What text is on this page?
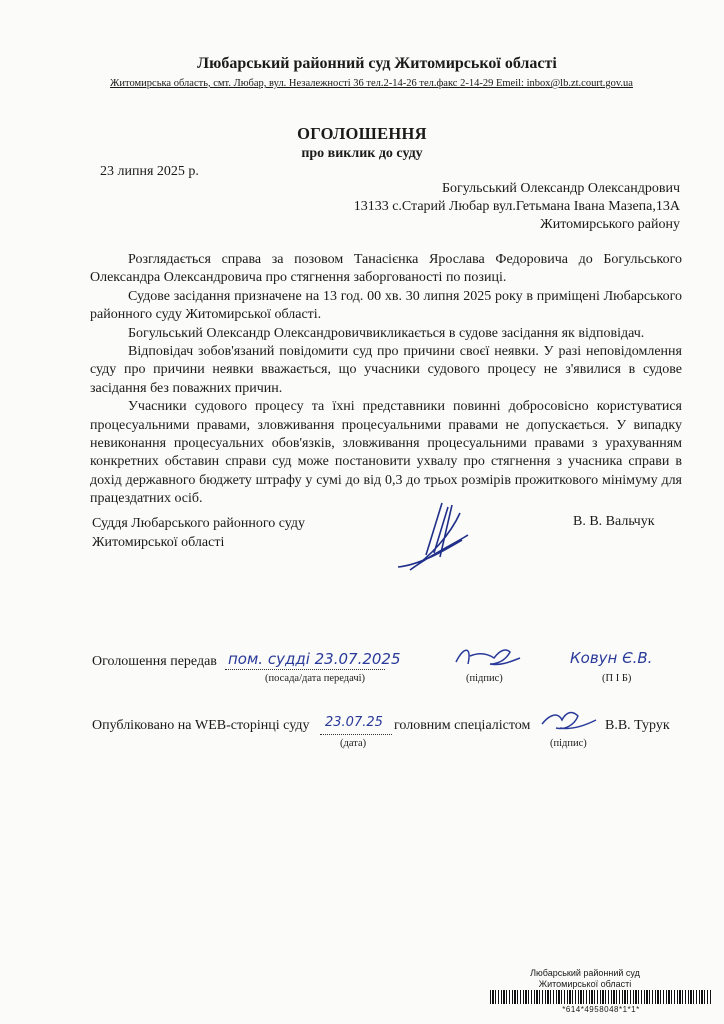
Любарський районний суд Житомирської області
Житомирська область, смт. Любар, вул. Незалежності 36 тел.2-14-26 тел.факс 2-14-29 Emeil: inbox@lb.zt.court.gov.ua
ОГОЛОШЕННЯ
про виклик до суду
23 липня 2025 р.
Богульський Олександр Олександрович
13133 с.Старий Любар вул.Гетьмана Івана Мазепа,13А
Житомирського району

Розглядається справа за позовом Танасієнка Ярослава Федоровича до Богульського Олександра Олександровича про стягнення заборгованості по позиці.

Судове засідання призначене на 13 год. 00 хв. 30 липня 2025 року в приміщені Любарського районного суду Житомирської області.

Богульський Олександр Олександровичвикликається в судове засідання як відповідач.

Відповідач зобов'язаний повідомити суд про причини своєї неявки. У разі неповідомлення суду про причини неявки вважається, що учасники судового процесу не з'явилися в судове засідання без поважних причин.

Учасники судового процесу та їхні представники повинні добросовісно користуватися процесуальними правами, зловживання процесуальними правами не допускається. У випадку невиконання процесуальних обов'язків, зловживання процесуальними правами з урахуванням конкретних обставин справи суд може постановити ухвалу про стягнення з учасника справи в дохід державного бюджету штрафу у сумі до від 0,3 до трьох розмірів прожиткового мінімуму для працездатних осіб.

Суддя Любарського районного суду
Житомирської області
В. В. Вальчук
Оголошення передав пом. судді 23.07.2025
(посада/дата передачі)	(підпис)
Ковун Є.В.
(П І Б)
Опубліковано на WEB-сторінці суду 23.07.25 головним спеціалістом
(дата)
В.В. Турук
(підпис)
Любарський районний суд
Житомирської області
*614*4958048*1*1*
